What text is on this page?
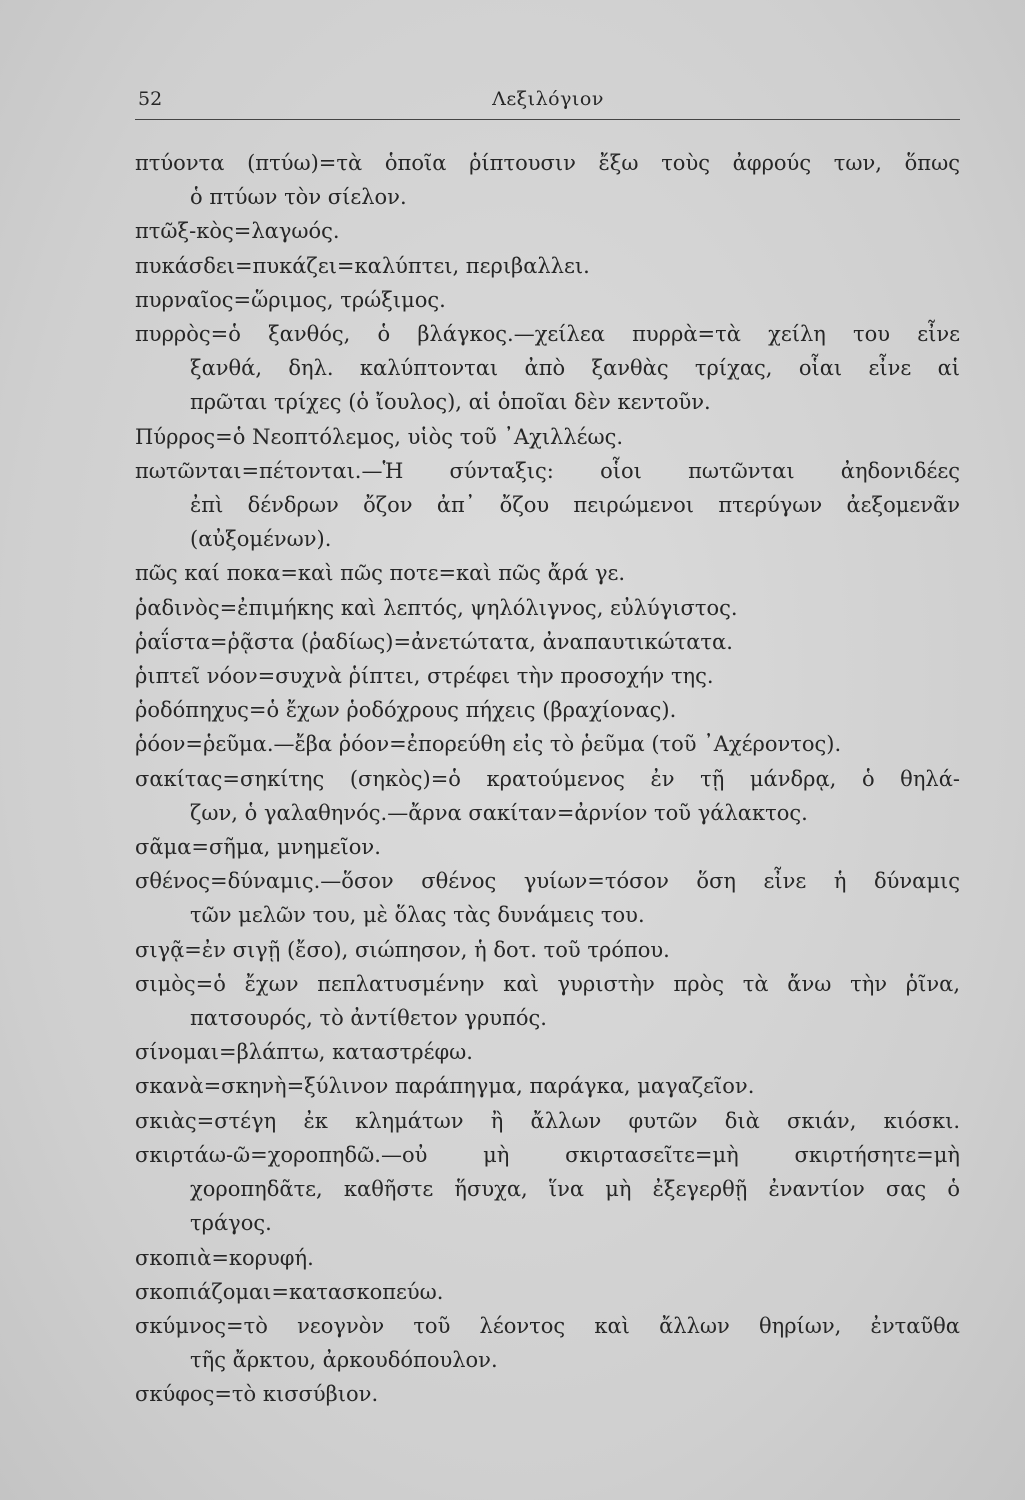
52	Λεξιλόγιον
πτύοντα (πτύω)=τὰ ὁποῖα ῥίπτουσιν ἔξω τοὺς ἀφρούς των, ὅπως
ὁ πτύων τὸν σίελον.
πτῶξ-κὸς=λαγωός.
πυκάσδει=πυκάζει=καλύπτει, περιβαλλει.
πυρναῖος=ὥριμος, τρώξιμος.
πυρρὸς=ὁ ξανθός, ὁ βλάγκος.—χείλεα πυρρὰ=τὰ χείλη του εἶνε
ξανθά, δηλ. καλύπτονται ἀπὸ ξανθὰς τρίχας, οἷαι εἶνε αἱ
πρῶται τρίχες (ὁ ἴουλος), αἱ ὁποῖαι δὲν κεντοῦν.
Πύρρος=ὁ Νεοπτόλεμος, υἱὸς τοῦ ᾽Αχιλλέως.
πωτῶνται=πέτονται.—Ἡ σύνταξις: οἷοι πωτῶνται ἀηδονιδέες
ἐπὶ δένδρων ὄζον ἀπ᾽ ὄζου πειρώμενοι πτερύγων ἀεξομενᾶν
(αὐξομένων).
πῶς καί ποκα=καὶ πῶς ποτε=καὶ πῶς ἄρά γε.
ῥαδινὸς=ἐπιμήκης καὶ λεπτός, ψηλόλιγνος, εὐλύγιστος.
ῥαΐστα=ῥᾷστα (ῥαδίως)=ἀνετώτατα, ἀναπαυτικώτατα.
ῥιπτεῖ νόον=συχνὰ ῥίπτει, στρέφει τὴν προσοχήν της.
ῥοδόπηχυς=ὁ ἔχων ῥοδόχρους πήχεις (βραχίονας).
ῥόον=ῥεῦμα.—ἔβα ῥόον=ἐπορεύθη εἰς τὸ ῥεῦμα (τοῦ ᾽Αχέροντος).
σακίτας=σηκίτης (σηκὸς)=ὁ κρατούμενος ἐν τῇ μάνδρᾳ, ὁ θηλά-
ζων, ὁ γαλαθηνός.—ἄρνα σακίταν=ἀρνίον τοῦ γάλακτος.
σᾶμα=σῆμα, μνημεῖον.
σθένος=δύναμις.—ὅσον σθένος γυίων=τόσον ὅση εἶνε ἡ δύναμις
τῶν μελῶν του, μὲ ὅλας τὰς δυνάμεις του.
σιγᾷ=ἐν σιγῇ (ἔσο), σιώπησον, ἡ δοτ. τοῦ τρόπου.
σιμὸς=ὁ ἔχων πεπλατυσμένην καὶ γυριστὴν πρὸς τὰ ἄνω τὴν ῥῖνα,
πατσουρός, τὸ ἀντίθετον γρυπός.
σίνομαι=βλάπτω, καταστρέφω.
σκανὰ=σκηνὴ=ξύλινον παράπηγμα, παράγκα, μαγαζεῖον.
σκιὰς=στέγη ἐκ κλημάτων ἢ ἄλλων φυτῶν διὰ σκιάν, κιόσκι.
σκιρτάω-ῶ=χοροπηδῶ.—οὐ μὴ σκιρτασεῖτε=μὴ σκιρτήσητε=μὴ
χοροπηδᾶτε, καθῆστε ἥσυχα, ἵνα μὴ ἐξεγερθῇ ἐναντίον σας ὁ
τράγος.
σκοπιὰ=κορυφή.
σκοπιάζομαι=κατασκοπεύω.
σκύμνος=τὸ νεογνὸν τοῦ λέοντος καὶ ἄλλων θηρίων, ἐνταῦθα
τῆς ἄρκτου, ἀρκουδόπουλον.
σκύφος=τὸ κισσύβιον.
